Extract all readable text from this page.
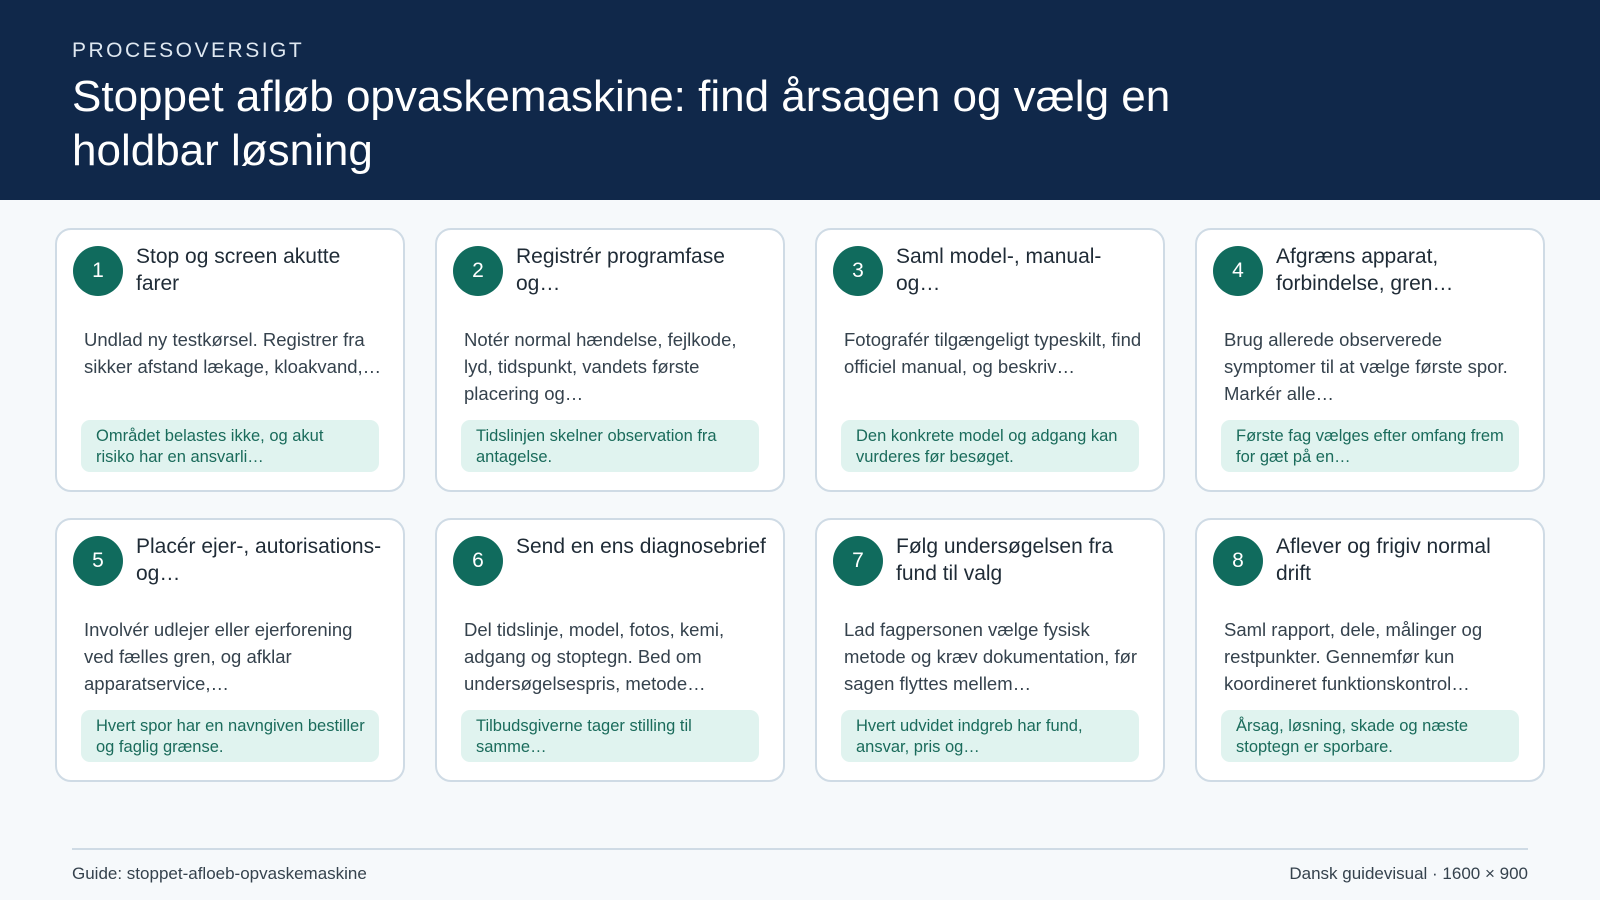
PROCESOVERSIGT
Stoppet afløb opvaskemaskine: find årsagen og vælg en holdbar løsning
1
Stop og screen akutte farer
Undlad ny testkørsel. Registrer fra sikker afstand lækage, kloakvand,…
Området belastes ikke, og akut risiko har en ansvarli…
2
Registrér programfase og…
Notér normal hændelse, fejlkode, lyd, tidspunkt, vandets første placering og…
Tidslinjen skelner observation fra antagelse.
3
Saml model-, manual- og…
Fotografér tilgængeligt typeskilt, find officiel manual, og beskriv…
Den konkrete model og adgang kan vurderes før besøget.
4
Afgræns apparat, forbindelse, gren…
Brug allerede observerede symptomer til at vælge første spor. Markér alle…
Første fag vælges efter omfang frem for gæt på en…
5
Placér ejer-, autorisations- og…
Involvér udlejer eller ejerforening ved fælles gren, og afklar apparatservice,…
Hvert spor har en navngiven bestiller og faglig grænse.
6
Send en ens diagnosebrief
Del tidslinje, model, fotos, kemi, adgang og stoptegn. Bed om undersøgelsespris, metode…
Tilbudsgiverne tager stilling til samme…
7
Følg undersøgelsen fra fund til valg
Lad fagpersonen vælge fysisk metode og kræv dokumentation, før sagen flyttes mellem…
Hvert udvidet indgreb har fund, ansvar, pris og…
8
Aflever og frigiv normal drift
Saml rapport, dele, målinger og restpunkter. Gennemfør kun koordineret funktionskontrol…
Årsag, løsning, skade og næste stoptegn er sporbare.
Guide: stoppet-afloeb-opvaskemaskine	Dansk guidevisual · 1600 × 900
